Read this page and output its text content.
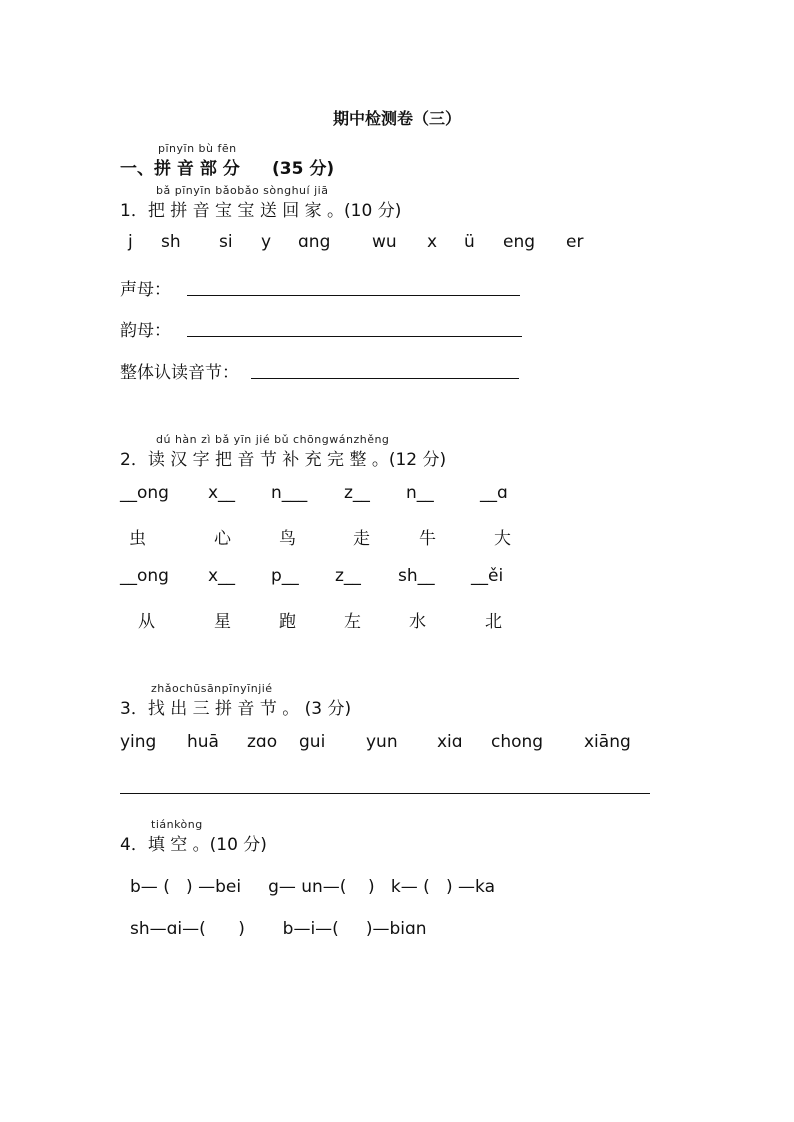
期中检测卷（三）
pīnyīn bù fēn
一、拼 音 部 分 (35 分)
bǎ pīnyīn bǎobǎo sònghuí jiā
1．把 拼 音 宝 宝 送 回 家 。(10 分)
j sh si y ɑng wu x ü eng er
声母：
韵母：
整体认读音节：
dú hàn zì bǎ yīn jié bǔ chōngwánzhěng
2．读 汉 字 把 音 节 补 充 完 整 。(12 分)
__ong x__ n___ z__ n__	__ɑ
虫	心	鸟	走	牛	大
__ong x__ p__ z__ sh__ __ěi
从	星	跑	左	水	北
zhǎochūsānpīnyīnjié
3．找 出 三 拼 音 节 。 (3 分)
ying huā zɑo gui yun xiɑ chong xiāng
tiánkòng
4．填 空 。(10 分)
b— (   ) —bei     g— un—(    )   k— (   ) —ka
sh—ɑi—(      )       b—i—(     )—biɑn
